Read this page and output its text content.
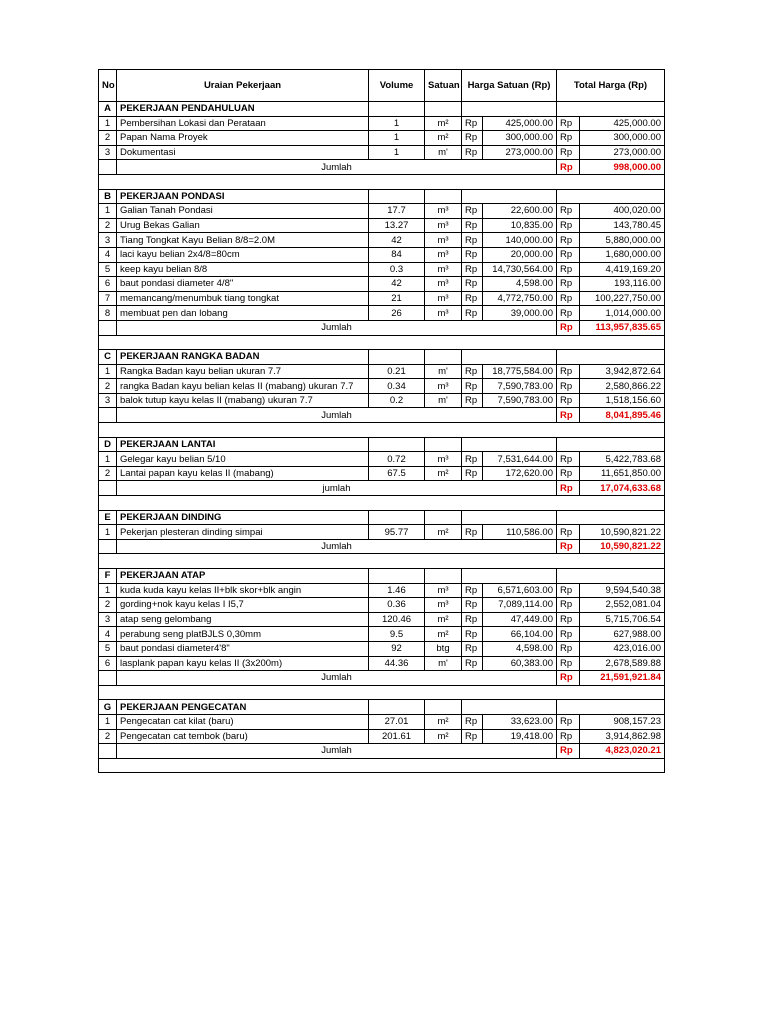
No	Uraian Pekerjaan	Volume	Satuan	Harga Satuan (Rp)		Total Harga (Rp)	
A	PEKERJAAN PENDAHULUAN						
1	Pembersihan Lokasi dan Perataan	1	m²	Rp	425,000.00	Rp	425,000.00
2	Papan Nama Proyek	1	m²	Rp	300,000.00	Rp	300,000.00
3	Dokumentasi	1	m'	Rp	273,000.00	Rp	273,000.00
	Jumlah					Rp	998,000.00

B	PEKERJAAN PONDASI						
1	Galian Tanah Pondasi	17.7	m³	Rp	22,600.00	Rp	400,020.00
2	Urug Bekas Galian	13.27	m³	Rp	10,835.00	Rp	143,780.45
3	Tiang Tongkat Kayu Belian 8/8=2.0M	42	m³	Rp	140,000.00	Rp	5,880,000.00
4	laci kayu belian 2x4/8=80cm	84	m³	Rp	20,000.00	Rp	1,680,000.00
5	keep kayu belian 8/8	0.3	m³	Rp	14,730,564.00	Rp	4,419,169.20
6	baut pondasi diameter 4/8"	42	m³	Rp	4,598.00	Rp	193,116.00
7	memancang/menumbuk tiang tongkat	21	m³	Rp	4,772,750.00	Rp	100,227,750.00
8	membuat pen dan lobang	26	m³	Rp	39,000.00	Rp	1,014,000.00
	Jumlah					Rp	113,957,835.65

C	PEKERJAAN RANGKA BADAN						
1	Rangka Badan kayu belian ukuran 7.7	0.21	m'	Rp	18,775,584.00	Rp	3,942,872.64
2	rangka Badan kayu belian kelas II (mabang) ukuran 7.7	0.34	m³	Rp	7,590,783.00	Rp	2,580,866.22
3	balok tutup kayu kelas II (mabang) ukuran 7.7	0.2	m'	Rp	7,590,783.00	Rp	1,518,156.60
	Jumlah					Rp	8,041,895.46

D	PEKERJAAN LANTAI						
1	Gelegar kayu belian 5/10	0.72	m³	Rp	7,531,644.00	Rp	5,422,783.68
2	Lantai papan kayu kelas II (mabang)	67.5	m²	Rp	172,620.00	Rp	11,651,850.00
	jumlah					Rp	17,074,633.68

E	PEKERJAAN DINDING						
1	Pekerjan plesteran dinding simpai	95.77	m²	Rp	110,586.00	Rp	10,590,821.22
	Jumlah					Rp	10,590,821.22

F	PEKERJAAN ATAP						
1	kuda kuda kayu kelas II+blk skor+blk angin	1.46	m³	Rp	6,571,603.00	Rp	9,594,540.38
2	gording+nok kayu kelas I I5,7	0.36	m³	Rp	7,089,114.00	Rp	2,552,081.04
3	atap seng gelombang	120.46	m²	Rp	47,449.00	Rp	5,715,706.54
4	perabung seng platBJLS 0,30mm	9.5	m²	Rp	66,104.00	Rp	627,988.00
5	baut pondasi diameter4'8"	92	btg	Rp	4,598.00	Rp	423,016.00
6	lasplank papan kayu kelas II (3x200m)	44.36	m'	Rp	60,383.00	Rp	2,678,589.88
	Jumlah					Rp	21,591,921.84

G	PEKERJAAN PENGECATAN						
1	Pengecatan cat kilat (baru)	27.01	m²	Rp	33,623.00	Rp	908,157.23
2	Pengecatan cat tembok (baru)	201.61	m²	Rp	19,418.00	Rp	3,914,862.98
	Jumlah					Rp	4,823,020.21
